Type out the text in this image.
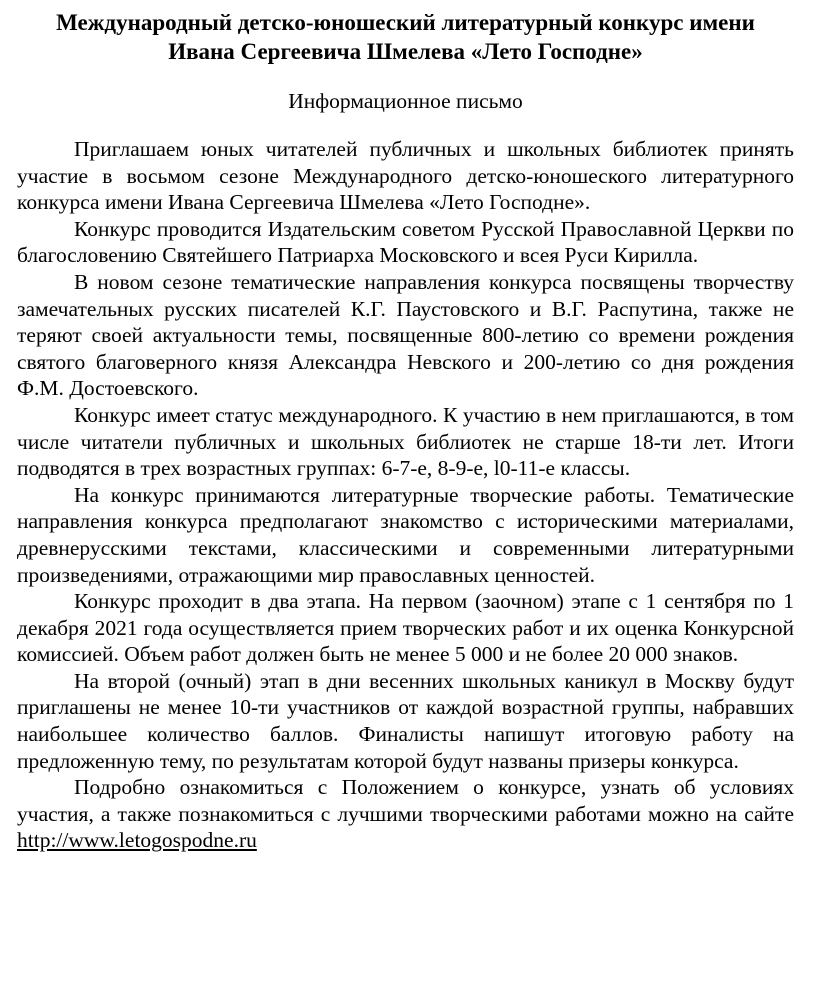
Международный детско-юношеский литературный конкурс имени
Ивана Сергеевича Шмелева «Лето Господне»
Информационное письмо

Приглашаем юных читателей публичных и школьных библиотек принять участие в восьмом сезоне Международного детско-юношеского литературного конкурса имени Ивана Сергеевича Шмелева «Лето Господне».

Конкурс проводится Издательским советом Русской Православной Церкви по благословению Святейшего Патриарха Московского и всея Руси Кирилла.

В новом сезоне тематические направления конкурса посвящены творчеству замечательных русских писателей К.Г. Паустовского и В.Г. Распутина, также не теряют своей актуальности темы, посвященные 800-летию со времени рождения святого благоверного князя Александра Невского и 200-летию со дня рождения Ф.М. Достоевского.

Конкурс имеет статус международного. К участию в нем приглашаются, в том числе читатели публичных и школьных библиотек не старше 18-ти лет. Итоги подводятся в трех возрастных группах: 6-7-е, 8-9-е, l0-11-е классы.

На конкурс принимаются литературные творческие работы. Тематические направления конкурса предполагают знакомство с историческими материалами, древнерусскими текстами, классическими и современными литературными произведениями, отражающими мир православных ценностей.

Конкурс проходит в два этапа. На первом (заочном) этапе с 1 сентября по 1 декабря 2021 года осуществляется прием творческих работ и их оценка Конкурсной комиссией. Объем работ должен быть не менее 5 000 и не более 20 000 знаков.

На второй (очный) этап в дни весенних школьных каникул в Москву будут приглашены не менее 10-ти участников от каждой возрастной группы, набравших наибольшее количество баллов. Финалисты напишут итоговую работу на предложенную тему, по результатам которой будут названы призеры конкурса.

Подробно ознакомиться с Положением о конкурсе, узнать об условиях участия, а также познакомиться с лучшими творческими работами можно на сайте http://www.letogospodne.ru
